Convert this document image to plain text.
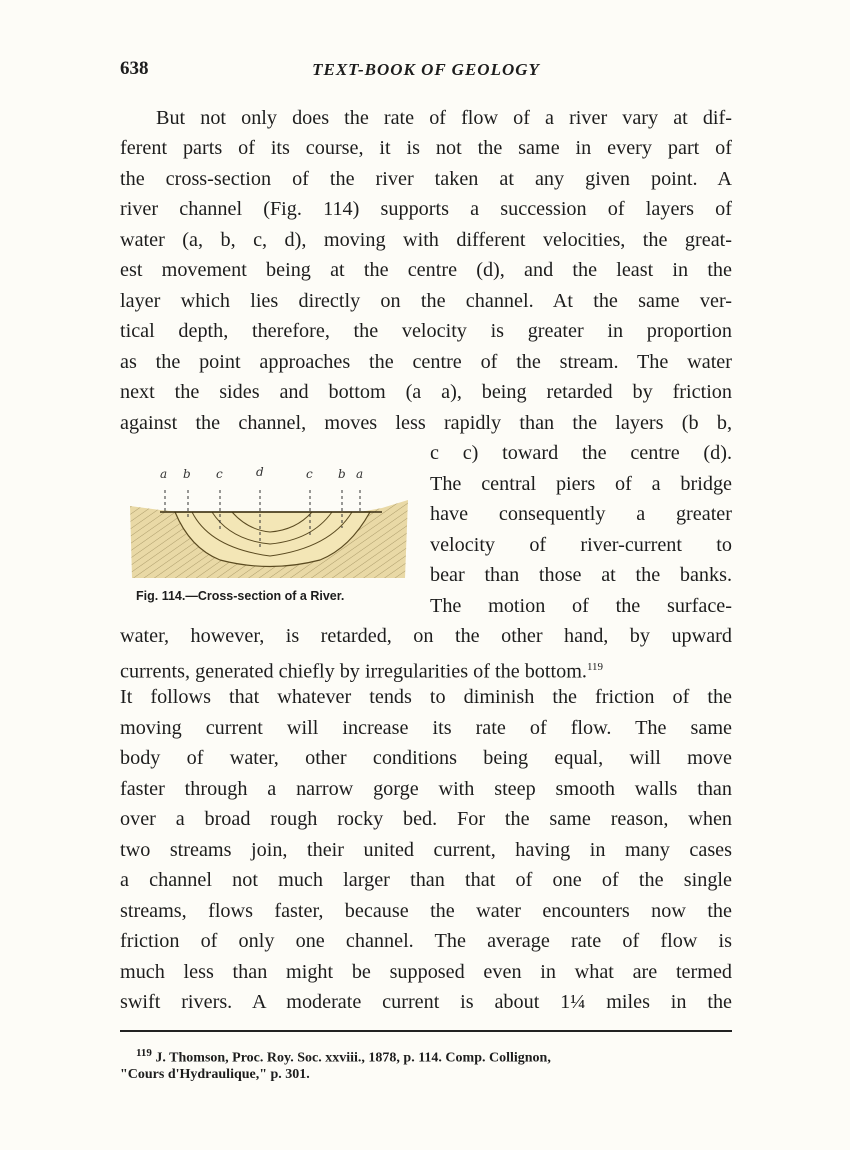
638	TEXT-BOOK OF GEOLOGY
But not only does the rate of flow of a river vary at dif-
ferent parts of its course, it is not the same in every part of
the cross-section of the river taken at any given point. A
river channel (Fig. 114) supports a succession of layers of
water (a, b, c, d), moving with different velocities, the great-
est movement being at the centre (d), and the least in the
layer which lies directly on the channel. At the same ver-
tical depth, therefore, the velocity is greater in proportion
as the point approaches the centre of the stream. The water
next the sides and bottom (a a), being retarded by friction
against the channel, moves less rapidly than the layers (b b,
c c) toward the centre (d).
The central piers of a bridge
have consequently a greater
velocity of river-current to
bear than those at the banks.
The motion of the surface-
a b c	d	c b a
Fig. 114.—Cross-section of a River.
water, however, is retarded, on the other hand, by upward
currents, generated chiefly by irregularities of the bottom.$^{119}$
It follows that whatever tends to diminish the friction of the
moving current will increase its rate of flow. The same
body of water, other conditions being equal, will move
faster through a narrow gorge with steep smooth walls than
over a broad rough rocky bed. For the same reason, when
two streams join, their united current, having in many cases
a channel not much larger than that of one of the single
streams, flows faster, because the water encounters now the
friction of only one channel. The average rate of flow is
much less than might be supposed even in what are termed
swift rivers. A moderate current is about 1¼ miles in the
$^{119}$ J. Thomson, Proc. Roy. Soc. xxviii., 1878, p. 114. Comp. Collignon,
"Cours d'Hydraulique," p. 301.
